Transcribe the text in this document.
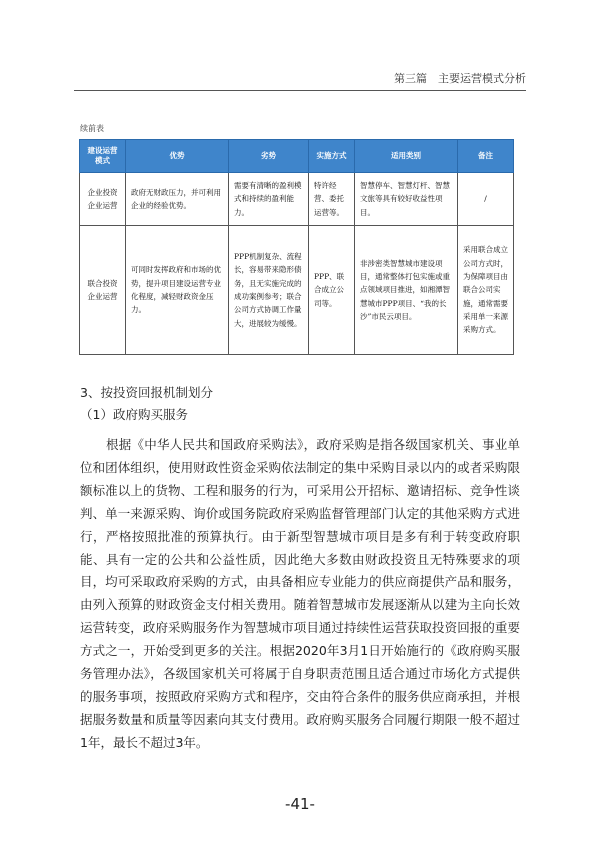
第三篇　主要运营模式分析
续前表
建设运营模式	优势	劣势	实施方式	适用类别	备注
企业投资企业运营	政府无财政压力，并可利用企业的经验优势。	需要有清晰的盈利模式和持续的盈利能力。	特许经营、委托运营等。	智慧停车、智慧灯杆、智慧文旅等具有较好收益性项目。	/
联合投资企业运营	可同时发挥政府和市场的优势，提升项目建设运营专业化程度，减轻财政资金压力。	PPP机制复杂、流程长，容易带来隐形债务，且无实施完成的成功案例参考；联合公司方式协调工作量大，进展较为缓慢。	PPP、联合成立公司等。	非涉密类智慧城市建设项目，通常整体打包实施或重点领域项目推进，如湘潭智慧城市PPP项目、“我的长沙”市民云项目。	采用联合成立公司方式时，为保障项目由联合公司实施，通常需要采用单一来源采购方式。
3、按投资回报机制划分
（1）政府购买服务

根据《中华人民共和国政府采购法》，政府采购是指各级国家机关、事业单位和团体组织，使用财政性资金采购依法制定的集中采购目录以内的或者采购限额标准以上的货物、工程和服务的行为，可采用公开招标、邀请招标、竞争性谈判、单一来源采购、询价或国务院政府采购监督管理部门认定的其他采购方式进行，严格按照批准的预算执行。由于新型智慧城市项目是多有利于转变政府职能、具有一定的公共和公益性质，因此绝大多数由财政投资且无特殊要求的项目，均可采取政府采购的方式，由具备相应专业能力的供应商提供产品和服务，由列入预算的财政资金支付相关费用。随着智慧城市发展逐渐从以建为主向长效运营转变，政府采购服务作为智慧城市项目通过持续性运营获取投资回报的重要方式之一，开始受到更多的关注。根据2020年3月1日开始施行的《政府购买服务管理办法》，各级国家机关可将属于自身职责范围且适合通过市场化方式提供的服务事项，按照政府采购方式和程序，交由符合条件的服务供应商承担，并根据服务数量和质量等因素向其支付费用。政府购买服务合同履行期限一般不超过1年，最长不超过3年。

-41-
